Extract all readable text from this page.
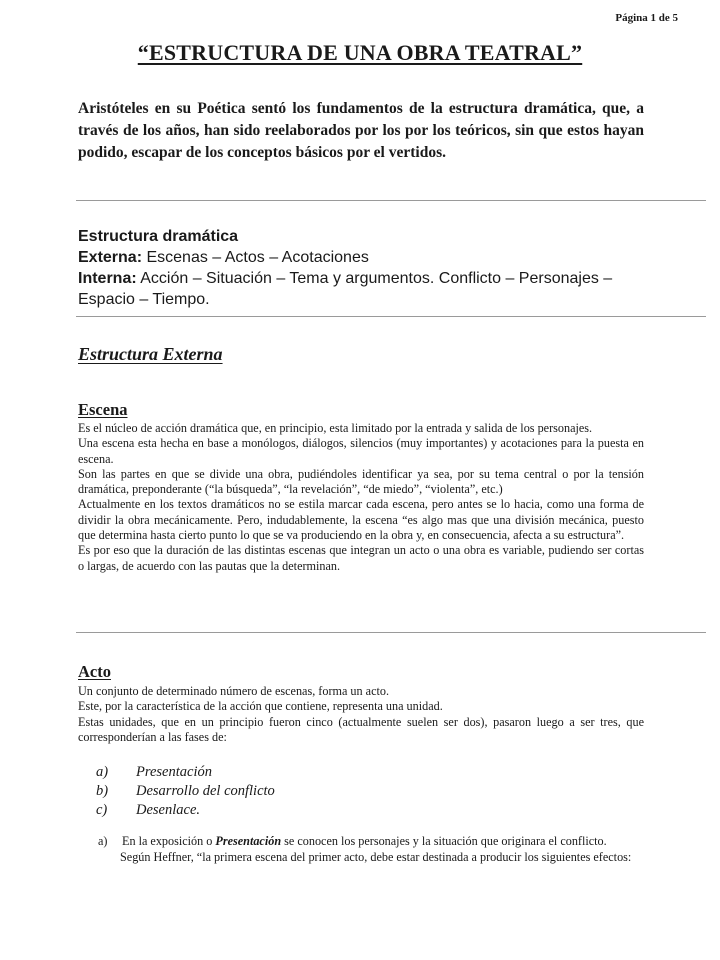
Página 1 de 5
“ESTRUCTURA DE UNA OBRA TEATRAL”
Aristóteles en su Poética sentó los fundamentos de la estructura dramática, que, a través de los años, han sido reelaborados por los por los teóricos, sin que estos hayan podido, escapar de los conceptos básicos por el vertidos.
Estructura dramática
Externa: Escenas – Actos – Acotaciones
Interna: Acción – Situación – Tema y argumentos. Conflicto – Personajes – Espacio – Tiempo.
Estructura Externa
Escena

Es el núcleo de acción dramática que, en principio, esta limitado por la entrada y salida de los personajes.

Una escena esta hecha en base a monólogos, diálogos, silencios (muy importantes) y acotaciones para la puesta en escena.

Son las partes en que se divide una obra, pudiéndoles identificar ya sea, por su tema central o por la tensión dramática, preponderante (“la búsqueda”, “la revelación”, “de miedo”, “violenta”, etc.)

Actualmente en los textos dramáticos no se estila marcar cada escena, pero antes se lo hacia, como una forma de dividir la obra mecánicamente. Pero, indudablemente, la escena “es algo mas que una división mecánica, puesto que determina hasta cierto punto lo que se va produciendo en la obra y, en consecuencia, afecta a su estructura”.

Es por eso que la duración de las distintas escenas que integran un acto o una obra es variable, pudiendo ser cortas o largas, de acuerdo con las pautas que la determinan.

Acto

Un conjunto de determinado número de escenas, forma un acto.

Este, por la característica de la acción que contiene, representa una unidad.

Estas unidades, que en un principio fueron cinco (actualmente suelen ser dos), pasaron luego a ser tres, que corresponderían a las fases de:

a) Presentación
b) Desarrollo del conflicto
c) Desenlace.

a) En la exposición o Presentación se conocen los personajes y la situación que originara el conflicto.

Según Heffner, “la primera escena del primer acto, debe estar destinada a producir los siguientes efectos:
